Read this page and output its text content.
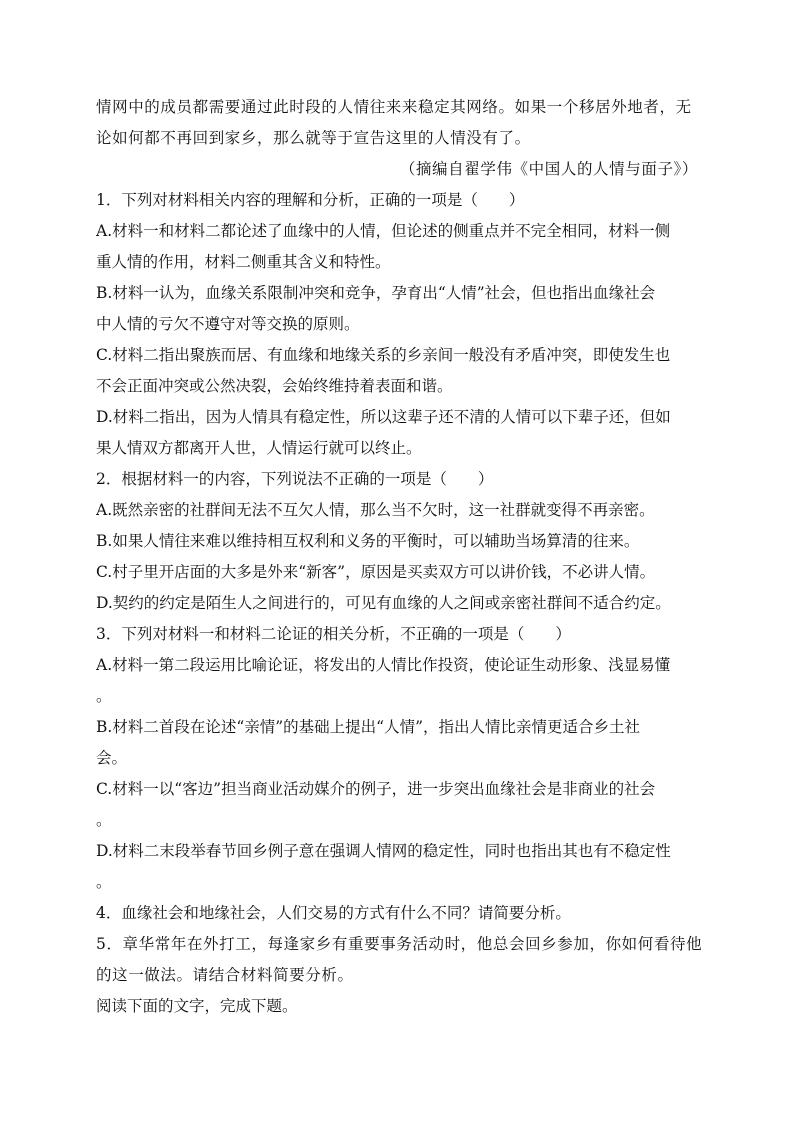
情网中的成员都需要通过此时段的人情往来来稳定其网络。如果一个移居外地者，无

论如何都不再回到家乡，那么就等于宣告这里的人情没有了。

（摘编自翟学伟《中国人的人情与面子》）

1．下列对材料相关内容的理解和分析，正确的一项是（　　）

A.材料一和材料二都论述了血缘中的人情，但论述的侧重点并不完全相同，材料一侧

重人情的作用，材料二侧重其含义和特性。

B.材料一认为，血缘关系限制冲突和竞争，孕育出“人情”社会，但也指出血缘社会

中人情的亏欠不遵守对等交换的原则。

C.材料二指出聚族而居、有血缘和地缘关系的乡亲间一般没有矛盾冲突，即使发生也

不会正面冲突或公然决裂，会始终维持着表面和谐。

D.材料二指出，因为人情具有稳定性，所以这辈子还不清的人情可以下辈子还，但如

果人情双方都离开人世，人情运行就可以终止。

2．根据材料一的内容，下列说法不正确的一项是（　　）

A.既然亲密的社群间无法不互欠人情，那么当不欠时，这一社群就变得不再亲密。

B.如果人情往来难以维持相互权利和义务的平衡时，可以辅助当场算清的往来。

C.村子里开店面的大多是外来“新客”，原因是买卖双方可以讲价钱，不必讲人情。

D.契约的约定是陌生人之间进行的，可见有血缘的人之间或亲密社群间不适合约定。

3．下列对材料一和材料二论证的相关分析，不正确的一项是（　　）

A.材料一第二段运用比喻论证，将发出的人情比作投资，使论证生动形象、浅显易懂

。

B.材料二首段在论述“亲情”的基础上提出“人情”，指出人情比亲情更适合乡土社

会。

C.材料一以“客边”担当商业活动媒介的例子，进一步突出血缘社会是非商业的社会

。

D.材料二末段举春节回乡例子意在强调人情网的稳定性，同时也指出其也有不稳定性

。

4．血缘社会和地缘社会，人们交易的方式有什么不同？请简要分析。

5．章华常年在外打工，每逢家乡有重要事务活动时，他总会回乡参加，你如何看待他

的这一做法。请结合材料简要分析。

阅读下面的文字，完成下题。
